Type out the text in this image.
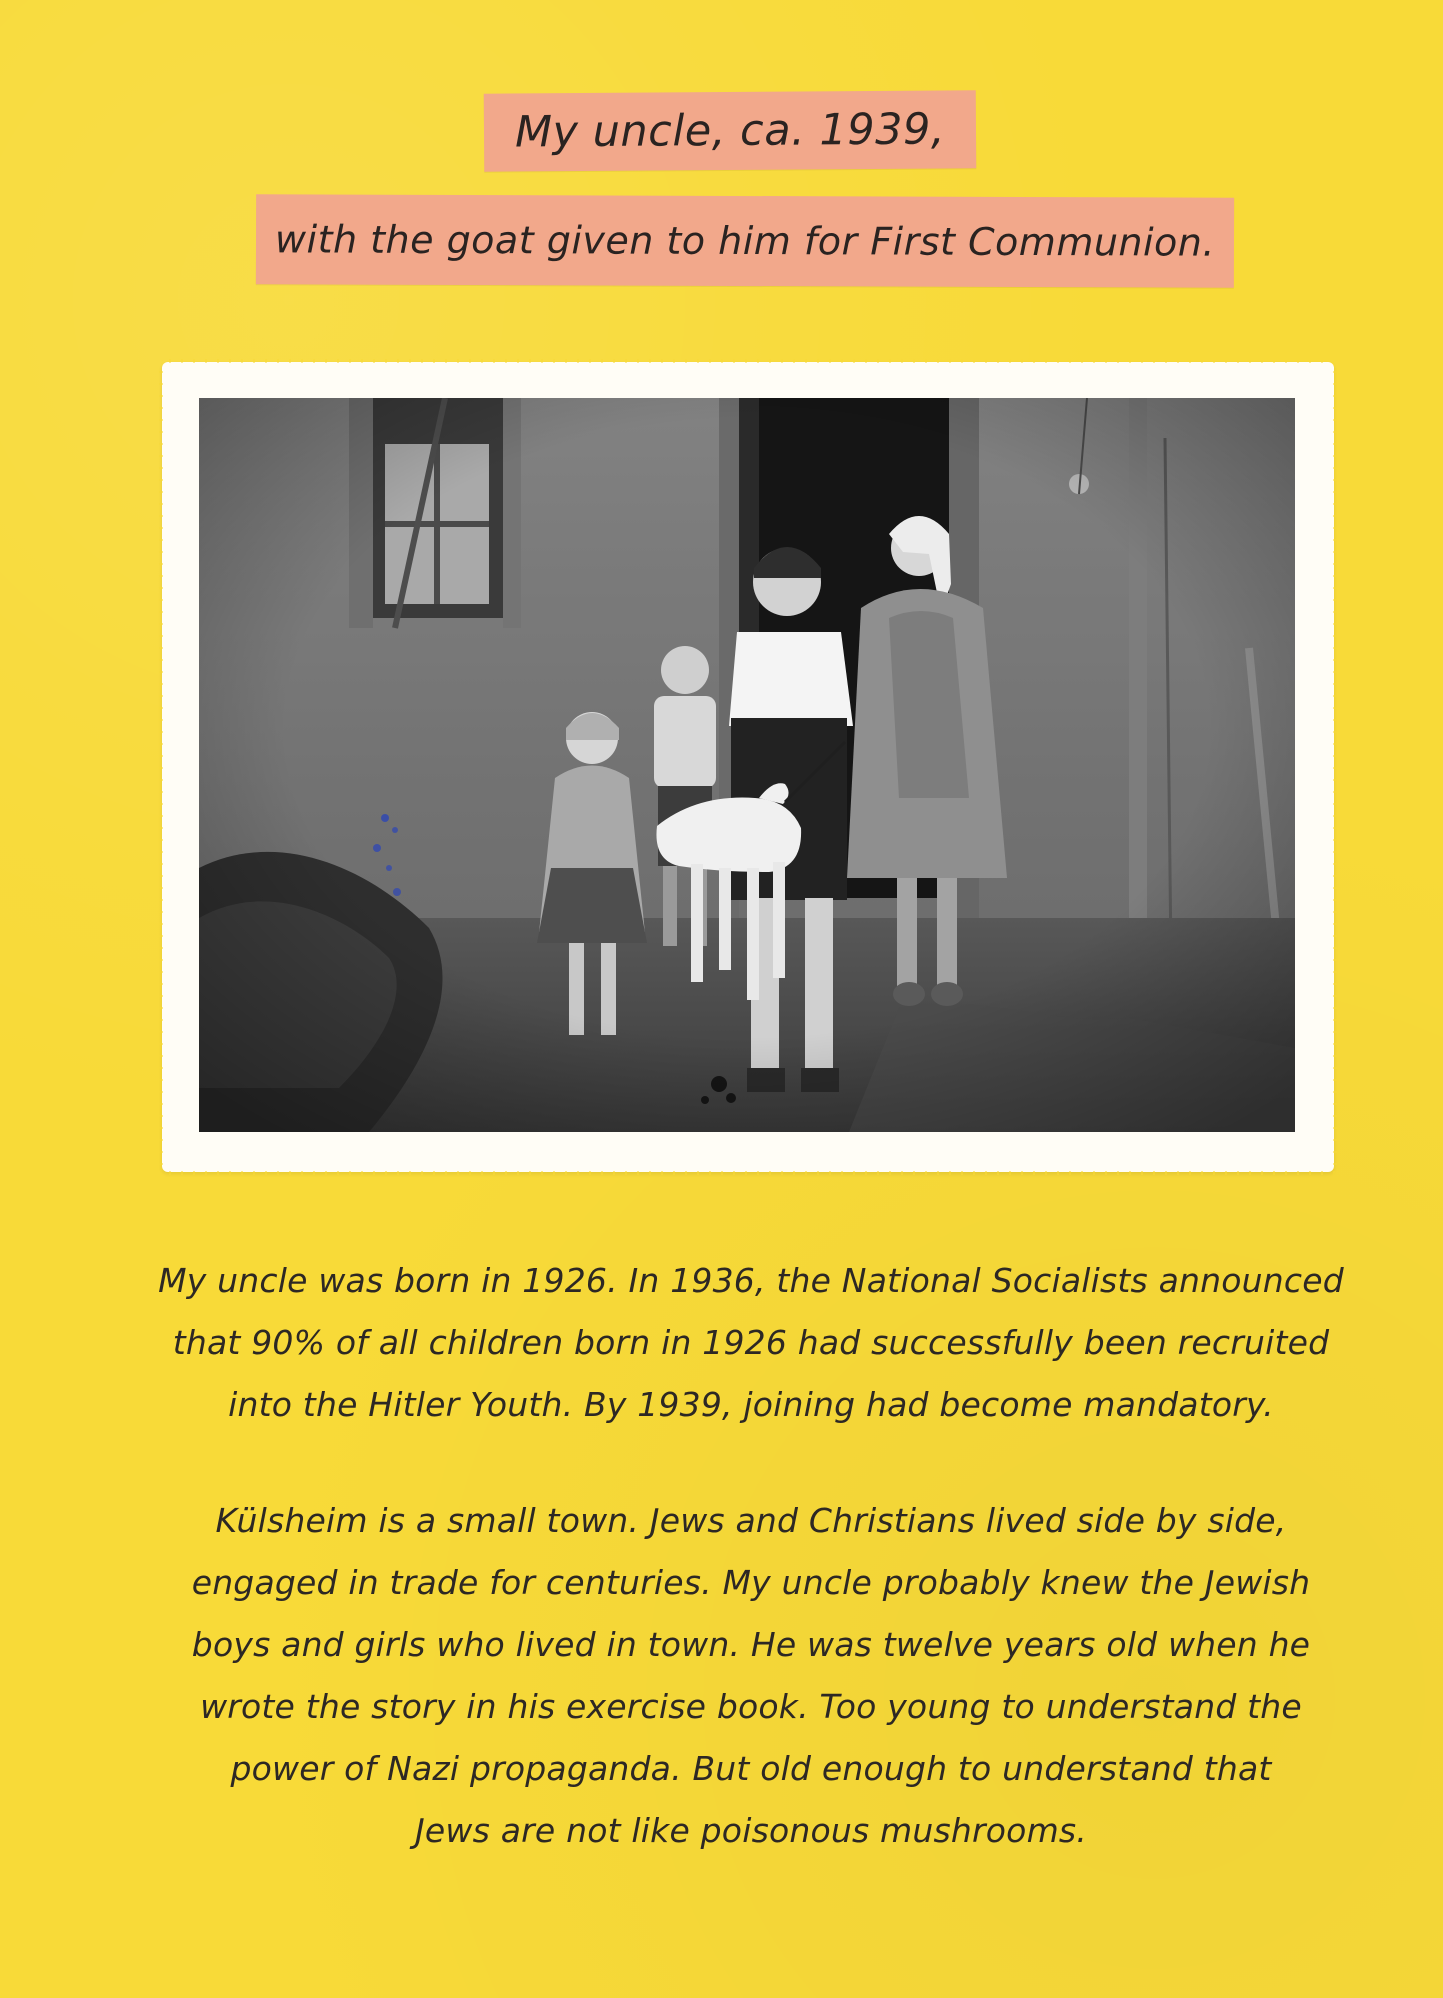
My uncle, ca. 1939,
with the goat given to him for First Communion.
My uncle was born in 1926. In 1936, the National Socialists announced
that 90% of all children born in 1926 had successfully been recruited
into the Hitler Youth. By 1939, joining had become mandatory.
Külsheim is a small town. Jews and Christians lived side by side,
engaged in trade for centuries. My uncle probably knew the Jewish
boys and girls who lived in town. He was twelve years old when he
wrote the story in his exercise book. Too young to understand the
power of Nazi propaganda. But old enough to understand that
Jews are not like poisonous mushrooms.
